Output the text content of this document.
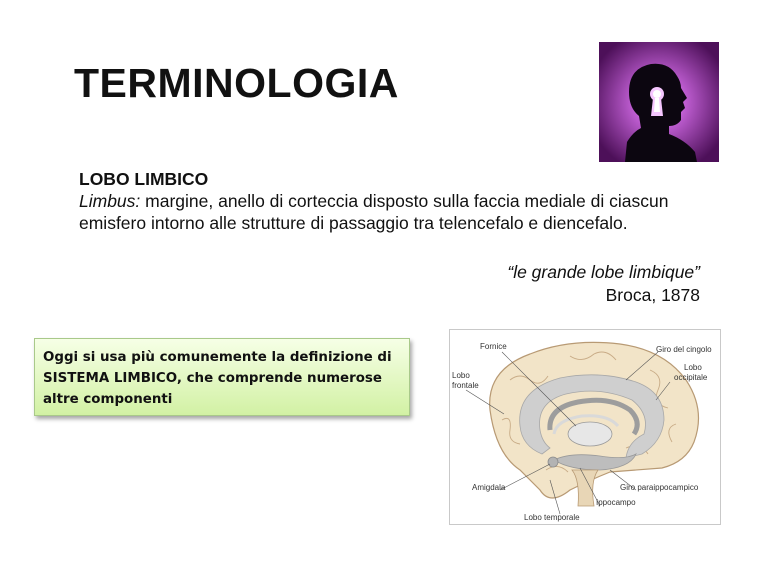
TERMINOLOGIA
LOBO LIMBICO
Limbus: margine, anello di corteccia disposto sulla faccia mediale di ciascun emisfero intorno alle strutture di passaggio tra telencefalo e diencefalo.
“le grande lobe limbique”
Broca, 1878
Oggi si usa più comunemente la definizione di SISTEMA LIMBICO, che comprende numerose altre componenti
Fornice
Lobo
frontale
Giro del cingolo
Lobo
occipitale
Amigdala	Giro paraippocampico
Ippocampo
Lobo temporale
